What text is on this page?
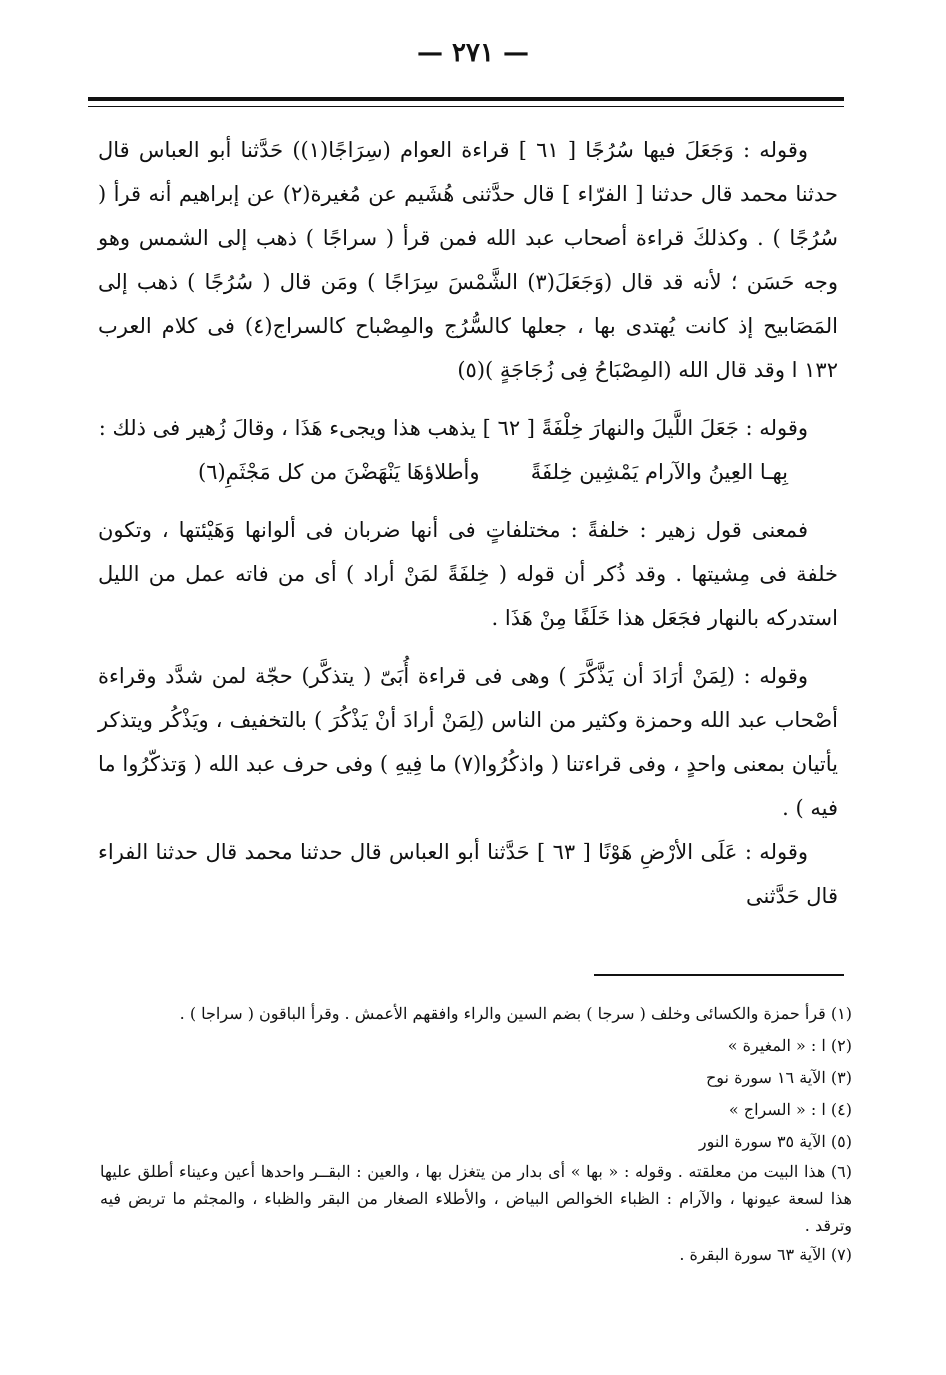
— ٢٧١ —

وقوله : وَجَعَلَ فيها سُرُجًا [ ٦١ ] قراءة العوام (سِرَاجًا(١)) حَدَّثنا أبو العباس قال حدثنا محمد قال حدثنا [ الفرّاء ] قال حدَّثنى هُشَيم عن مُغيرة(٢) عن إبراهيم أنه قرأ ( سُرُجًا ) . وكذلكَ قراءة أصحاب عبد الله فمن قرأ ( سراجًا ) ذهب إلى الشمس وهو وجه حَسَن ؛ لأنه قد قال (وَجَعَلَ(٣) الشَّمْسَ سِرَاجًا ) ومَن قال ( سُرُجًا ) ذهب إلى المَصَابيح إذ كانت يُهتدى بها ، جعلها كالسُّرُج والمِصْباح كالسراج(٤) فى كلام العرب ١٣٢ ا وقد قال الله (المِصْبَاحُ فِى زُجَاجَةٍ )(٥)

وقوله : جَعَلَ اللَّيلَ والنهارَ خِلْفَةً [ ٦٢ ] يذهب هذا ويجىء هَذَا ، وقالَ زُهير فى ذلك :

بِهـا العِينُ والآرام يَمْشِين خِلفَةً
وأطلاؤهَا يَنْهَضْنَ من كل مَجْثَمِ(٦)

فمعنى قول زهير : خلفةً : مختلفاتٍ فى أنها ضربان فى ألوانها وَهَيْئتها ، وتكون خلفة فى مِشيتها . وقد ذُكر أن قوله ( خِلفَةً لمَنْ أراد ) أى من فاته عمل من الليل استدركه بالنهار فجَعَل هذا خَلَفًا مِنْ هَذَا .

وقوله : (لِمَنْ أرَادَ أن يَذَّكَّرَ ) وهى فى قراءة أُبَىّ ( يتذكَّر) حجّة لمن شدَّد وقراءة أصْحاب عبد الله وحمزة وكثير من الناس (لِمَنْ أرادَ أنْ يَذْكُرَ ) بالتخفيف ، ويَذْكُر ويتذكر يأتيان بمعنى واحدٍ ، وفى قراءتنا ( واذكُرُوا(٧) ما فِيهِ ) وفى حرف عبد الله ( وَتذكّرُوا ما فيه ) .

وقوله : عَلَى الأرْضِ هَوْنًا [ ٦٣ ] حَدَّثنا أبو العباس قال حدثنا محمد قال حدثنا الفراء قال حَدَّثنى

(١) قرأ حمزة والكسائى وخلف ( سرجا ) بضم السين والراء وافقهم الأعمش . وقرأ الباقون ( سراجا ) .

(٢) ا : « المغيرة »

(٣) الآية ١٦ سورة نوح

(٤) ا : « السراج »

(٥) الآية ٣٥ سورة النور

(٦) هذا البيت من معلقته . وقوله : « بها » أى بدار من يتغزل بها ، والعين : البقــر واحدها أعين وعيناء أطلق عليها هذا لسعة عيونها ، والآرام : الظباء الخوالص البياض ، والأطلاء الصغار من البقر والظباء ، والمجثم ما تربض فيه وترقد .

(٧) الآية ٦٣ سورة البقرة .
